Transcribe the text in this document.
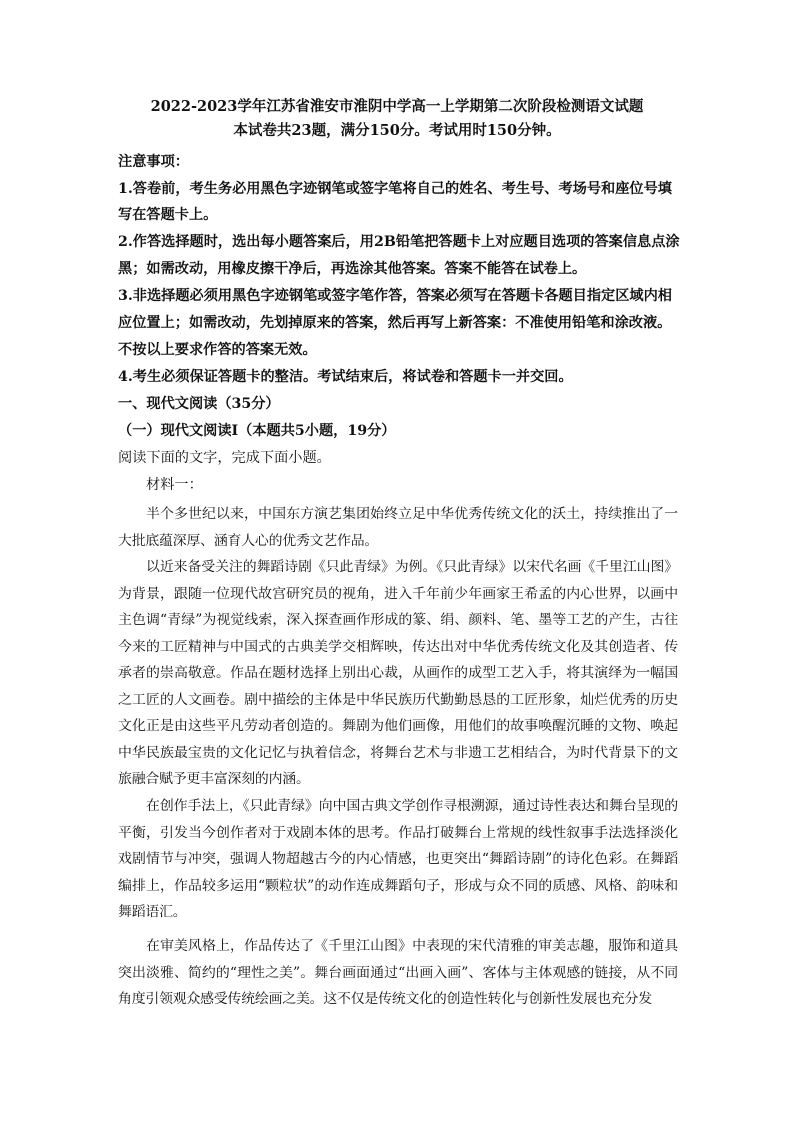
2022-2023学年江苏省淮安市淮阴中学高一上学期第二次阶段检测语文试题
本试卷共23题，满分150分。考试用时150分钟。
注意事项：
1.答卷前，考生务必用黑色字迹钢笔或签字笔将自己的姓名、考生号、考场号和座位号填
写在答题卡上。
2.作答选择题时，选出每小题答案后，用2B铅笔把答题卡上对应题目选项的答案信息点涂
黑；如需改动，用橡皮擦干净后，再选涂其他答案。答案不能答在试卷上。
3.非选择题必须用黑色字迹钢笔或签字笔作答，答案必须写在答题卡各题目指定区域内相
应位置上；如需改动，先划掉原来的答案，然后再写上新答案：不准使用铅笔和涂改液。
不按以上要求作答的答案无效。
4.考生必须保证答题卡的整洁。考试结束后，将试卷和答题卡一并交回。
一、现代文阅读（35分）
（一）现代文阅读Ⅰ（本题共5小题，19分）
阅读下面的文字，完成下面小题。
材料一：
半个多世纪以来，中国东方演艺集团始终立足中华优秀传统文化的沃土，持续推出了一大批底蕴深厚、涵育人心的优秀文艺作品。
以近来备受关注的舞蹈诗剧《只此青绿》为例。《只此青绿》以宋代名画《千里江山图》为背景，跟随一位现代故宫研究员的视角，进入千年前少年画家王希孟的内心世界，以画中主色调“青绿”为视觉线索，深入探查画作形成的篆、绢、颜料、笔、墨等工艺的产生，古往今来的工匠精神与中国式的古典美学交相辉映，传达出对中华优秀传统文化及其创造者、传承者的崇高敬意。作品在题材选择上别出心裁，从画作的成型工艺入手，将其演绎为一幅国之工匠的人文画卷。剧中描绘的主体是中华民族历代勤勤恳恳的工匠形象，灿烂优秀的历史文化正是由这些平凡劳动者创造的。舞剧为他们画像，用他们的故事唤醒沉睡的文物、唤起中华民族最宝贵的文化记忆与执着信念，将舞台艺术与非遗工艺相结合，为时代背景下的文旅融合赋予更丰富深刻的内涵。
在创作手法上，《只此青绿》向中国古典文学创作寻根溯源，通过诗性表达和舞台呈现的平衡，引发当今创作者对于戏剧本体的思考。作品打破舞台上常规的线性叙事手法选择淡化戏剧情节与冲突，强调人物超越古今的内心情感，也更突出“舞蹈诗剧”的诗化色彩。在舞蹈编排上，作品较多运用“颗粒状”的动作连成舞蹈句子，形成与众不同的质感、风格、韵味和舞蹈语汇。
在审美风格上，作品传达了《千里江山图》中表现的宋代清雅的审美志趣，服饰和道具突出淡雅、简约的“理性之美”。舞台画面通过“出画入画”、客体与主体观感的链接，从不同角度引领观众感受传统绘画之美。这不仅是传统文化的创造性转化与创新性发展也充分发
